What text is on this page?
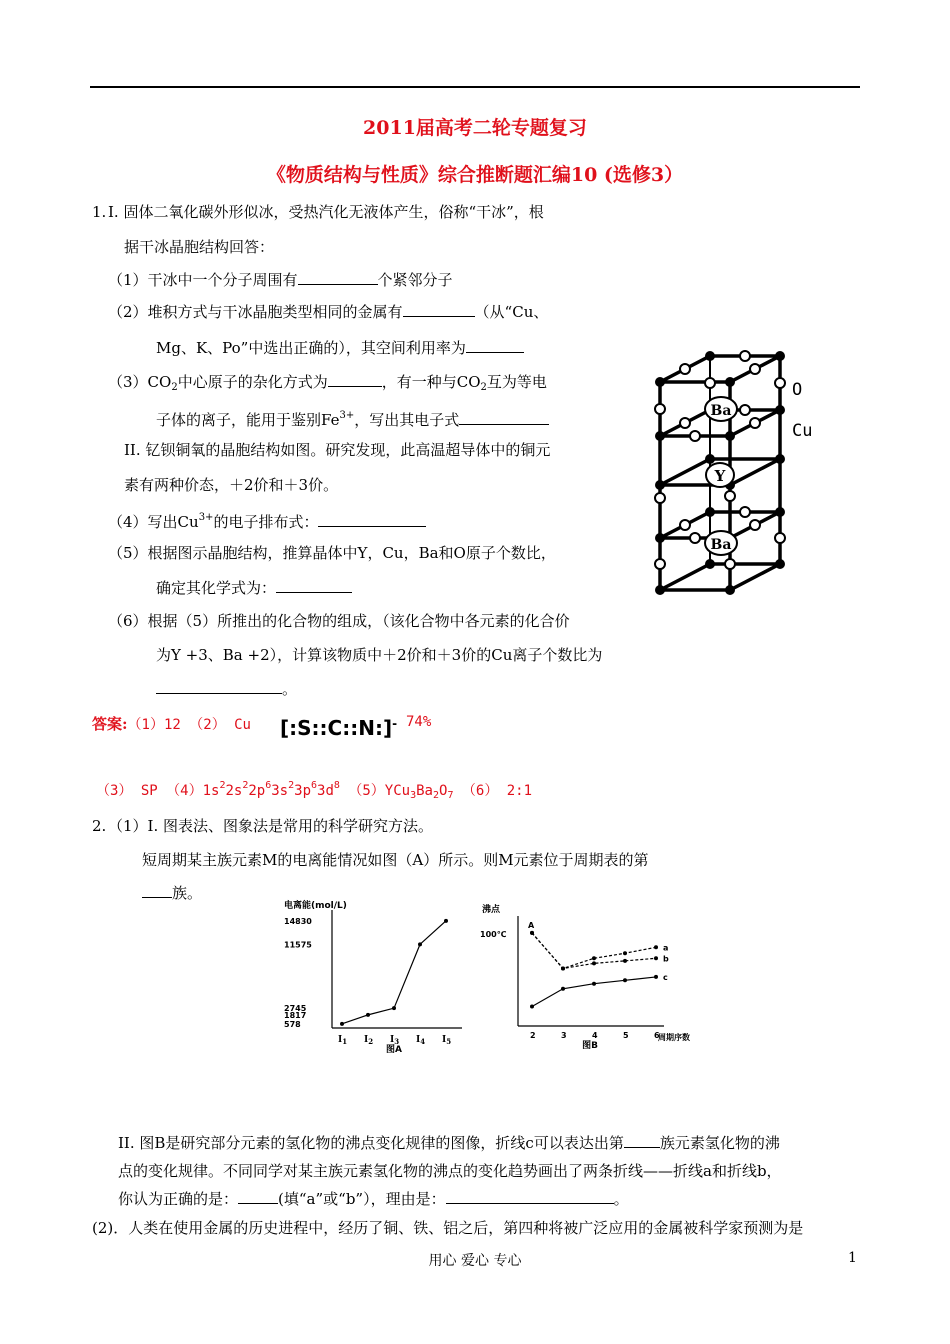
2011届高考二轮专题复习
《物质结构与性质》综合推断题汇编10 (选修3）
1. I. 固体二氧化碳外形似冰，受热汽化无液体产生，俗称“干冰”，根
据干冰晶胞结构回答：
（1）干冰中一个分子周围有	个紧邻分子
（2）堆积方式与干冰晶胞类型相同的金属有	（从“Cu、
Mg、K、Po”中选出正确的），其空间利用率为
$(3)CO_2$中心原子的杂化方式为	，有一种与$CO_2$互为等电
子体的离子，能用于鉴别$Fe^{3+}$，写出其电子式
II. 钇钡铜氧的晶胞结构如图。研究发现，此高温超导体中的铜元
素有两种价态，＋2价和＋3价。
（4）写出$Cu^{3+}$的电子排布式：
（5）根据图示晶胞结构，推算晶体中Y，Cu，Ba和O原子个数比，
确定其化学式为：
（6）根据（5）所推出的化合物的组成，（该化合物中各元素的化合价
为Y +3、Ba +2），计算该物质中＋2价和＋3价的Cu离子个数比为
。
Ba
Y
Ba
O
Cu
答案:（1）12 （2） Cu [:S::C::N:]- 74%
（3） SP $(4)1s^22s^22p^63s^23p^63d^8$ $(5)YCu_3Ba_2O_7$ （6） 2:1
2. （1）I. 图表法、图象法是常用的科学研究方法。
短周期某主族元素M的电离能情况如图（A）所示。则M元素位于周期表的第
族。
电离能(mol/L)
578
1817
2745
11575
14830
$I_1$ $I_2$ $I_3$ $I_4$ $I_5$
图A
沸点
100℃
a
b
c
A
2	3	4	5	6
周期序数
图B
II. 图B是研究部分元素的氢化物的沸点变化规律的图像，折线c可以表达出第 族元素氢化物的沸
点的变化规律。不同同学对某主族元素氢化物的沸点的变化趋势画出了两条折线——折线a和折线b，
你认为正确的是：	(填“a”或“b”），理由是：	。
(2)．人类在使用金属的历史进程中，经历了铜、铁、铝之后，第四种将被广泛应用的金属被科学家预测为是
用心 爱心 专心	1
